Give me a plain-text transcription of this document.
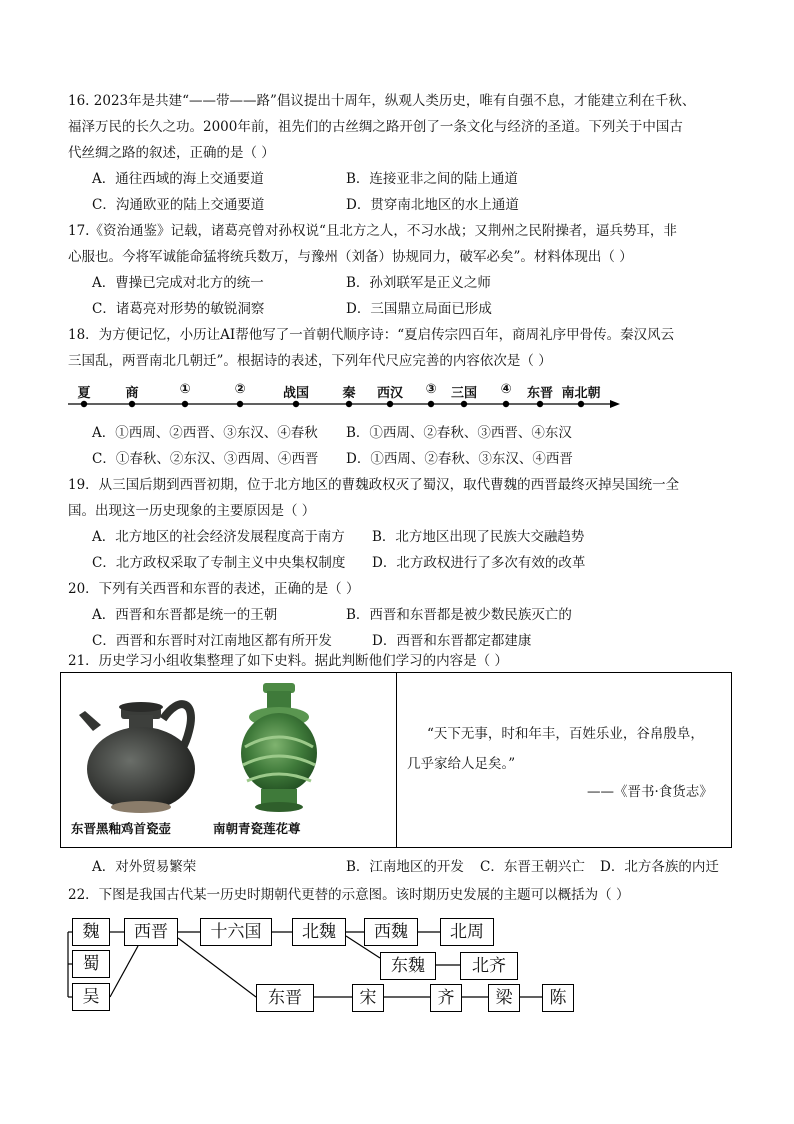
16. 2023年是共建“——带——路”倡议提出十周年，纵观人类历史，唯有自强不息，才能建立利在千秋、
福泽万民的长久之功。2000年前，祖先们的古丝绸之路开创了一条文化与经济的圣道。下列关于中国古
代丝绸之路的叙述，正确的是（ ）
A．通往西域的海上交通要道	B．连接亚非之间的陆上通道
C．沟通欧亚的陆上交通要道	D．贯穿南北地区的水上通道
17.《资治通鉴》记载，诸葛亮曾对孙权说“且北方之人，不习水战；又荆州之民附操者，逼兵势耳，非
心服也。今将军诚能命猛将统兵数万，与豫州（刘备）协规同力，破军必矣”。材料体现出（ ）
A．曹操已完成对北方的统一	B．孙刘联军是正义之师
C．诸葛亮对形势的敏锐洞察	D．三国鼎立局面已形成
18．为方便记忆，小历让AI帮他写了一首朝代顺序诗：“夏启传宗四百年，商周礼序甲骨传。秦汉风云
三国乱，两晋南北几朝迁”。根据诗的表述，下列年代尺应完善的内容依次是（ ）
夏	商	①	②	战国	秦 西汉 ③ 三国 ④ 东晋 南北朝
A．①西周、②西晋、③东汉、④春秋 B．①西周、②春秋、③西晋、④东汉
C．①春秋、②东汉、③西周、④西晋 D．①西周、②春秋、③东汉、④西晋
19．从三国后期到西晋初期，位于北方地区的曹魏政权灭了蜀汉，取代曹魏的西晋最终灭掉吴国统一全
国。出现这一历史现象的主要原因是（ ）
A．北方地区的社会经济发展程度高于南方 B．北方地区出现了民族大交融趋势
C．北方政权采取了专制主义中央集权制度 D．北方政权进行了多次有效的改革
20．下列有关西晋和东晋的表述，正确的是（ ）
A．西晋和东晋都是统一的王朝	B．西晋和东晋都是被少数民族灭亡的
C．西晋和东晋时对江南地区都有所开发	D．西晋和东晋都定都建康
21．历史学习小组收集整理了如下史料。据此判断他们学习的内容是（ ）
东晋黑釉鸡首瓷壶	南朝青瓷莲花尊
“天下无事，时和年丰，百姓乐业，谷帛殷阜，
几乎家给人足矣。”
——《晋书·食货志》
A．对外贸易繁荣	B．江南地区的开发 C．东晋王朝兴亡 D．北方各族的内迁
22．下图是我国古代某一历史时期朝代更替的示意图。该时期历史发展的主题可以概括为（ ）
魏
蜀
吴
西晋	十六国	北魏	西魏	北周
东魏	北齐
东晋	宋	齐	梁	陈
